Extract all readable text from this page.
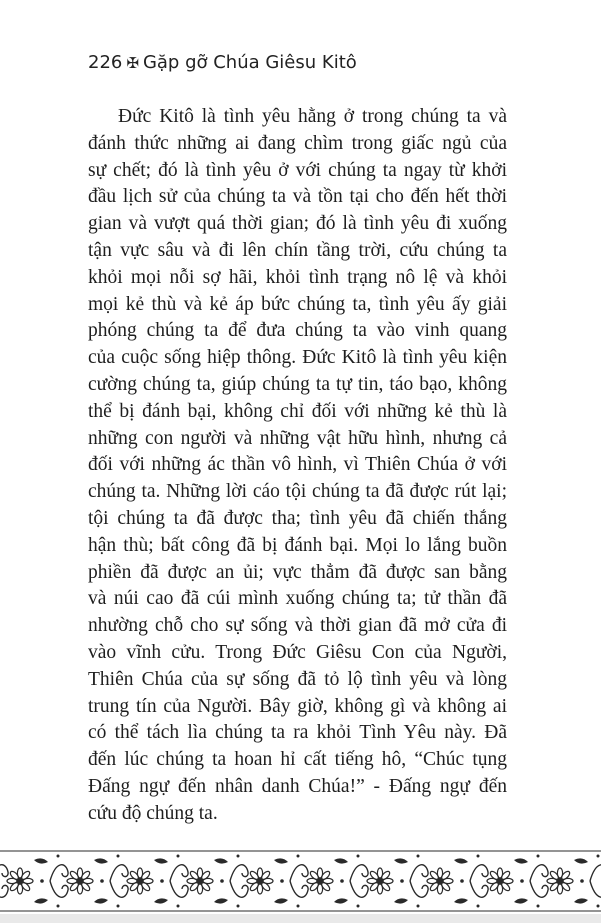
226 ✠ Gặp gỡ Chúa Giêsu Kitô
Đức Kitô là tình yêu hằng ở trong chúng ta và
đánh thức những ai đang chìm trong giấc ngủ của
sự chết; đó là tình yêu ở với chúng ta ngay từ khởi
đầu lịch sử của chúng ta và tồn tại cho đến hết thời
gian và vượt quá thời gian; đó là tình yêu đi xuống
tận vực sâu và đi lên chín tầng trời, cứu chúng ta
khỏi mọi nỗi sợ hãi, khỏi tình trạng nô lệ và khỏi
mọi kẻ thù và kẻ áp bức chúng ta, tình yêu ấy giải
phóng chúng ta để đưa chúng ta vào vinh quang
của cuộc sống hiệp thông. Đức Kitô là tình yêu kiện
cường chúng ta, giúp chúng ta tự tin, táo bạo, không
thể bị đánh bại, không chỉ đối với những kẻ thù là
những con người và những vật hữu hình, nhưng cả
đối với những ác thần vô hình, vì Thiên Chúa ở với
chúng ta. Những lời cáo tội chúng ta đã được rút lại;
tội chúng ta đã được tha; tình yêu đã chiến thắng
hận thù; bất công đã bị đánh bại. Mọi lo lắng buồn
phiền đã được an ủi; vực thẳm đã được san bằng
và núi cao đã cúi mình xuống chúng ta; tử thần đã
nhường chỗ cho sự sống và thời gian đã mở cửa đi
vào vĩnh cửu. Trong Đức Giêsu Con của Người,
Thiên Chúa của sự sống đã tỏ lộ tình yêu và lòng
trung tín của Người. Bây giờ, không gì và không ai
có thể tách lìa chúng ta ra khỏi Tình Yêu này. Đã
đến lúc chúng ta hoan hỉ cất tiếng hô, “Chúc tụng
Đấng ngự đến nhân danh Chúa!” - Đấng ngự đến
cứu độ chúng ta.
